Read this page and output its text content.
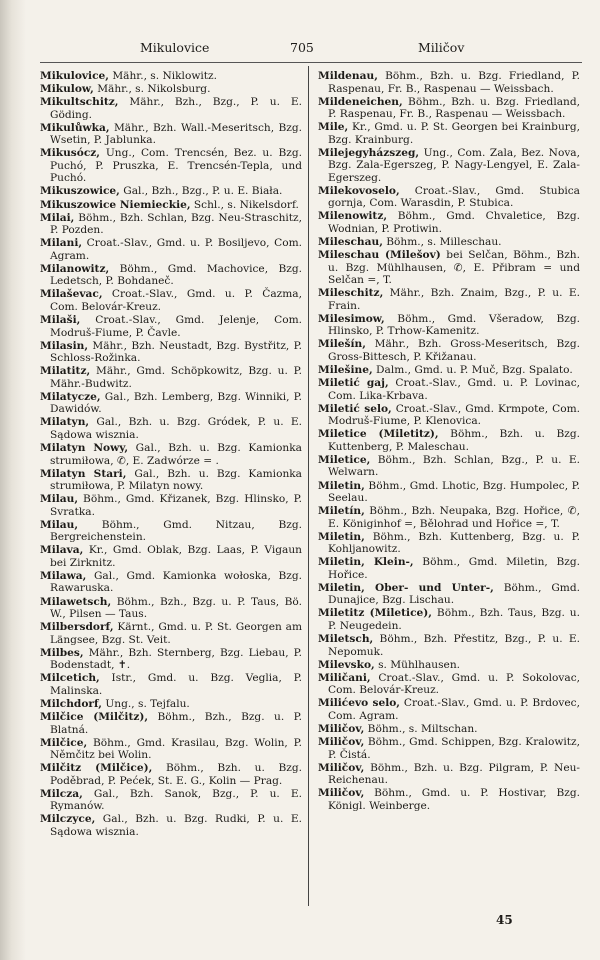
Mikulovice	705	Miličov

Mikulovice, Mähr., s. Niklowitz.

Mikulow, Mähr., s. Nikolsburg.

Mikultschitz, Mähr., Bzh., Bzg., P. u. E. Göding.

Mikulůwka, Mähr., Bzh. Wall.-Meseritsch, Bzg. Wsetin, P. Jablunka.

Mikusócz, Ung., Com. Trencsén, Bez. u. Bzg. Puchó, P. Pruszka, E. Trencsén-Tepla, und Puchó.

Mikuszowice, Gal., Bzh., Bzg., P. u. E. Biała.

Mikuszowice Niemieckie, Schl., s. Nikelsdorf.

Milai, Böhm., Bzh. Schlan, Bzg. Neu-Straschitz, P. Pozden.

Milani, Croat.-Slav., Gmd. u. P. Bosiljevo, Com. Agram.

Milanowitz, Böhm., Gmd. Machovice, Bzg. Ledetsch, P. Bohdaneč.

Milaševac, Croat.-Slav., Gmd. u. P. Čazma, Com. Belovár-Kreuz.

Milaši, Croat.-Slav., Gmd. Jelenje, Com. Modruš-Fiume, P. Čavle.

Milasin, Mähr., Bzh. Neustadt, Bzg. Bystřitz, P. Schloss-Rožinka.

Milatitz, Mähr., Gmd. Schöpkowitz, Bzg. u. P. Mähr.-Budwitz.

Milatycze, Gal., Bzh. Lemberg, Bzg. Winniki, P. Dawidów.

Milatyn, Gal., Bzh. u. Bzg. Gródek, P. u. E. Sądowa wisznia.

Milatyn Nowy, Gal., Bzh. u. Bzg. Kamionka strumiłowa, ✆, E. Zadwórze = .

Milatyn Stari, Gal., Bzh. u. Bzg. Kamionka strumiłowa, P. Milatyn nowy.

Milau, Böhm., Gmd. Křizanek, Bzg. Hlinsko, P. Svratka.

Milau, Böhm., Gmd. Nitzau, Bzg. Bergreichenstein.

Milava, Kr., Gmd. Oblak, Bzg. Laas, P. Vigaun bei Zirknitz.

Milawa, Gal., Gmd. Kamionka wołoska, Bzg. Rawaruska.

Milawetsch, Böhm., Bzh., Bzg. u. P. Taus, Bö. W., Pilsen — Taus.

Milbersdorf, Kärnt., Gmd. u. P. St. Georgen am Längsee, Bzg. St. Veit.

Milbes, Mähr., Bzh. Sternberg, Bzg. Liebau, P. Bodenstadt, ✝.

Milcetich, Istr., Gmd. u. Bzg. Veglia, P. Malinska.

Milchdorf, Ung., s. Tejfalu.

Milčice (Milčitz), Böhm., Bzh., Bzg. u. P. Blatná.

Milčice, Böhm., Gmd. Krasilau, Bzg. Wolin, P. Němčitz bei Wolin.

Milčitz (Milčice), Böhm., Bzh. u. Bzg. Poděbrad, P. Pećek, St. E. G., Kolin — Prag.

Milcza, Gal., Bzh. Sanok, Bzg., P. u. E. Rymanów.

Milczyce, Gal., Bzh. u. Bzg. Rudki, P. u. E. Sądowa wisznia.

Mildenau, Böhm., Bzh. u. Bzg. Friedland, P. Raspenau, Fr. B., Raspenau — Weissbach.

Mildeneichen, Böhm., Bzh. u. Bzg. Friedland, P. Raspenau, Fr. B., Raspenau — Weissbach.

Mile, Kr., Gmd. u. P. St. Georgen bei Krainburg, Bzg. Krainburg.

Milejegyházszeg, Ung., Com. Zala, Bez. Nova, Bzg. Zala-Egerszeg, P. Nagy-Lengyel, E. Zala-Egerszeg.

Milekovoselo, Croat.-Slav., Gmd. Stubica gornja, Com. Warasdin, P. Stubica.

Milenowitz, Böhm., Gmd. Chvaletice, Bzg. Wodnian, P. Protiwin.

Mileschau, Böhm., s. Milleschau.

Mileschau (Milešov) bei Selčan, Böhm., Bzh. u. Bzg. Mühlhausen, ✆, E. Přibram = und Selčan =, T.

Mileschitz, Mähr., Bzh. Znaim, Bzg., P. u. E. Frain.

Milesimow, Böhm., Gmd. Všeradow, Bzg. Hlinsko, P. Trhow-Kamenitz.

Milešín, Mähr., Bzh. Gross-Meseritsch, Bzg. Gross-Bittesch, P. Křižanau.

Milešine, Dalm., Gmd. u. P. Muč, Bzg. Spalato.

Miletić gaj, Croat.-Slav., Gmd. u. P. Lovinac, Com. Lika-Krbava.

Miletić selo, Croat.-Slav., Gmd. Krmpote, Com. Modruš-Fiume, P. Klenovica.

Miletice (Miletitz), Böhm., Bzh. u. Bzg. Kuttenberg, P. Maleschau.

Miletice, Böhm., Bzh. Schlan, Bzg., P. u. E. Welwarn.

Miletin, Böhm., Gmd. Lhotic, Bzg. Humpolec, P. Seelau.

Miletín, Böhm., Bzh. Neupaka, Bzg. Hořice, ✆, E. Königinhof =, Bělohrad und Hořice =, T.

Miletin, Böhm., Bzh. Kuttenberg, Bzg. u. P. Kohljanowitz.

Miletin, Klein-, Böhm., Gmd. Miletin, Bzg. Hořice.

Miletin, Ober- und Unter-, Böhm., Gmd. Dunajice, Bzg. Lischau.

Miletitz (Miletice), Böhm., Bzh. Taus, Bzg. u. P. Neugedein.

Miletsch, Böhm., Bzh. Přestitz, Bzg., P. u. E. Nepomuk.

Milevsko, s. Mühlhausen.

Miličani, Croat.-Slav., Gmd. u. P. Sokolovac, Com. Belovár-Kreuz.

Milićevo selo, Croat.-Slav., Gmd. u. P. Brdovec, Com. Agram.

Miličov, Böhm., s. Miltschan.

Miličov, Böhm., Gmd. Schippen, Bzg. Kralowitz, P. Čistá.

Miličov, Böhm., Bzh. u. Bzg. Pilgram, P. Neu-Reichenau.

Miličov, Böhm., Gmd. u. P. Hostivar, Bzg. Königl. Weinberge.

45
